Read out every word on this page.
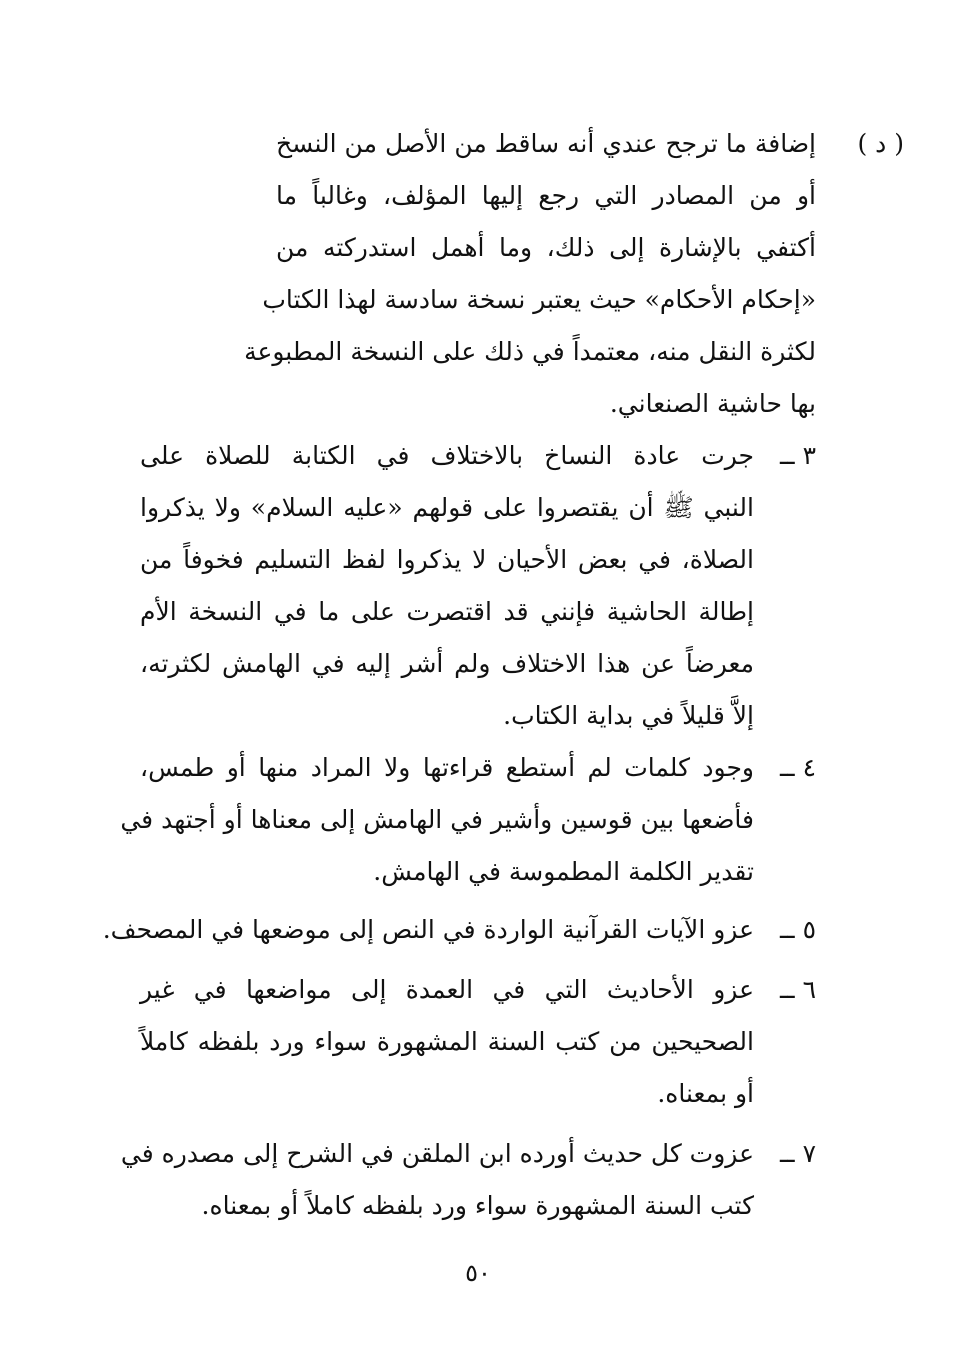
( د )
إضافة ما ترجح عندي أنه ساقط من الأصل من النسخ
أو من المصادر التي رجع إليها المؤلف، وغالباً ما
أكتفي بالإشارة إلى ذلك، وما أهمل استدركته من
«إحكام الأحكام» حيث يعتبر نسخة سادسة لهذا الكتاب
لكثرة النقل منه، معتمداً في ذلك على النسخة المطبوعة
بها حاشية الصنعاني.
٣ ــ
جرت عادة النساخ بالاختلاف في الكتابة للصلاة على
النبي ﷺ أن يقتصروا على قولهم «عليه السلام» ولا يذكروا
الصلاة، في بعض الأحيان لا يذكروا لفظ التسليم فخوفاً من
إطالة الحاشية فإنني قد اقتصرت على ما في النسخة الأم
معرضاً عن هذا الاختلاف ولم أشر إليه في الهامش لكثرته،
إلاَّ قليلاً في بداية الكتاب.
٤ ــ
وجود كلمات لم أستطع قراءتها ولا المراد منها أو طمس،
فأضعها بين قوسين وأشير في الهامش إلى معناها أو أجتهد في
تقدير الكلمة المطموسة في الهامش.
٥ ــ
عزو الآيات القرآنية الواردة في النص إلى موضعها في المصحف.
٦ ــ
عزو الأحاديث التي في العمدة إلى مواضعها في غير
الصحيحين من كتب السنة المشهورة سواء ورد بلفظه كاملاً
أو بمعناه.
٧ ــ
عزوت كل حديث أورده ابن الملقن في الشرح إلى مصدره في
كتب السنة المشهورة سواء ورد بلفظه كاملاً أو بمعناه.
٥٠
